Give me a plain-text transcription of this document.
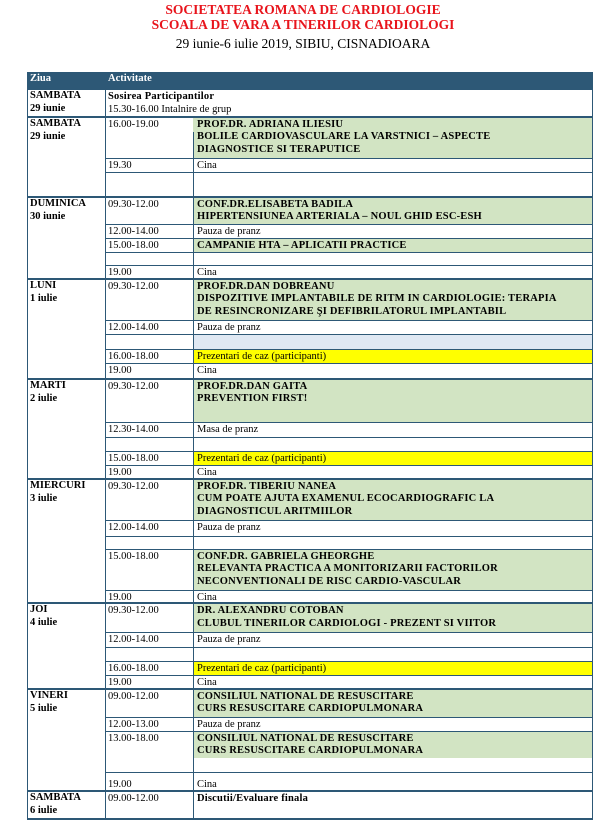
SOCIETATEA ROMANA DE CARDIOLOGIE
SCOALA DE VARA A TINERILOR CARDIOLOGI
29 iunie-6 iulie 2019, SIBIU, CISNADIOARA
Ziua	Activitate
SAMBATA
29 iunie
Sosirea Participantilor
15.30-16.00 Intalnire de grup
SAMBATA
29 iunie
16.00-19.00	PROF.DR. ADRIANA ILIESIU
BOLILE CARDIOVASCULARE LA VARSTNICI – ASPECTE
DIAGNOSTICE SI TERAPUTICE
19.30	Cina
DUMINICA
30 iunie
09.30-12.00	CONF.DR.ELISABETA BADILA
HIPERTENSIUNEA ARTERIALA – NOUL GHID ESC-ESH
12.00-14.00	Pauza de pranz
15.00-18.00	CAMPANIE HTA – APLICATII PRACTICE
19.00	Cina
LUNI
1 iulie
09.30-12.00	PROF.DR.DAN DOBREANU
DISPOZITIVE IMPLANTABILE DE RITM IN CARDIOLOGIE: TERAPIA
DE RESINCRONIZARE ŞI DEFIBRILATORUL IMPLANTABIL
12.00-14.00	Pauza de pranz
16.00-18.00	Prezentari de caz (participanti)
19.00	Cina
MARTI
2 iulie
09.30-12.00	PROF.DR.DAN GAITA
PREVENTION FIRST!
12.30-14.00	Masa de pranz
15.00-18.00	Prezentari de caz (participanti)
19.00	Cina
MIERCURI
3 iulie
09.30-12.00	PROF.DR. TIBERIU NANEA
CUM POATE AJUTA EXAMENUL ECOCARDIOGRAFIC LA
DIAGNOSTICUL ARITMIILOR
12.00-14.00	Pauza de pranz
15.00-18.00	CONF.DR. GABRIELA GHEORGHE
RELEVANTA PRACTICA A MONITORIZARII FACTORILOR
NECONVENTIONALI DE RISC CARDIO-VASCULAR
19.00	Cina
JOI
4 iulie
09.30-12.00	DR. ALEXANDRU COTOBAN
CLUBUL TINERILOR CARDIOLOGI - PREZENT SI VIITOR
12.00-14.00	Pauza de pranz
16.00-18.00	Prezentari de caz (participanti)
19.00	Cina
VINERI
5 iulie
09.00-12.00	CONSILIUL NATIONAL DE RESUSCITARE
CURS RESUSCITARE CARDIOPULMONARA
12.00-13.00	Pauza de pranz
13.00-18.00	CONSILIUL NATIONAL DE RESUSCITARE
CURS RESUSCITARE CARDIOPULMONARA
19.00	Cina
SAMBATA
6 iulie
09.00-12.00	Discutii/Evaluare finala
